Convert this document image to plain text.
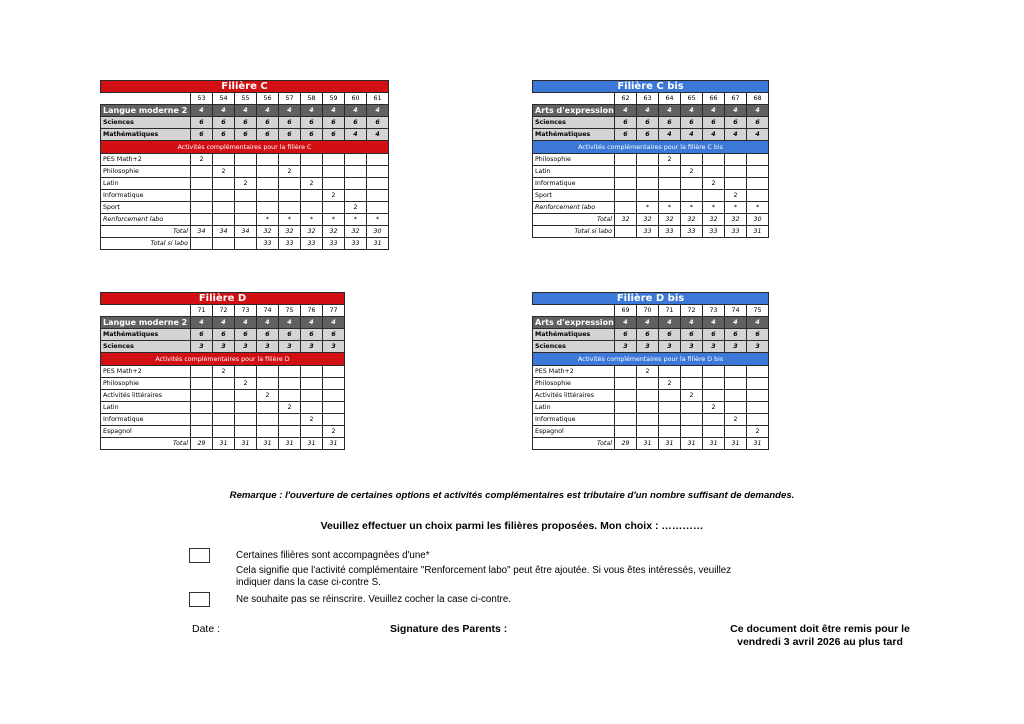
Filière C									
	53	54	55	56	57	58	59	60	61
Langue moderne 2	4	4	4	4	4	4	4	4	4
Sciences	6	6	6	6	6	6	6	6	6
Mathématiques	6	6	6	6	6	6	6	4	4
Activités complémentaires pour la filière C									
PES Math+2	2								
Philosophie		2			2				
Latin			2			2			
Informatique							2		
Sport								2	
Renforcement labo				*	*	*	*	*	*
Total	34	34	34	32	32	32	32	32	30
Total si labo				33	33	33	33	33	31
Filière C bis							
	62	63	64	65	66	67	68
Arts d'expression	4	4	4	4	4	4	4
Sciences	6	6	6	6	6	6	6
Mathématiques	6	6	4	4	4	4	4
Activités complémentaires pour la filière C bis							
Philosophie			2				
Latin				2			
Informatique					2		
Sport						2	
Renforcement labo		*	*	*	*	*	*
Total	32	32	32	32	32	32	30
Total si labo		33	33	33	33	33	31
Filière D							
	71	72	73	74	75	76	77
Langue moderne 2	4	4	4	4	4	4	4
Mathématiques	6	6	6	6	6	6	6
Sciences	3	3	3	3	3	3	3
Activités complémentaires pour la filière D							
PES Math+2		2					
Philosophie			2				
Activités littéraires				2			
Latin					2		
Informatique						2	
Espagnol							2
Total	29	31	31	31	31	31	31
Filière D bis							
	69	70	71	72	73	74	75
Arts d'expression	4	4	4	4	4	4	4
Mathématiques	6	6	6	6	6	6	6
Sciences	3	3	3	3	3	3	3
Activités complémentaires pour la filière D bis							
PES Math+2		2					
Philosophie			2				
Activités littéraires				2			
Latin					2		
Informatique						2	
Espagnol							2
Total	29	31	31	31	31	31	31
Remarque : l'ouverture de certaines options et activités complémentaires est tributaire d'un nombre suffisant de demandes.
Veuillez effectuer un choix parmi les filières proposées. Mon choix : …………
Certaines filières sont accompagnées d'une*
Cela signifie que l'activité complémentaire "Renforcement labo" peut être ajoutée. Si vous êtes intéressés, veuillez
indiquer dans la case ci-contre S.
Ne souhaite pas se réinscrire. Veuillez cocher la case ci-contre.
Date :	Signature des Parents :	Ce document doit être remis pour le
vendredi 3 avril 2026 au plus tard
